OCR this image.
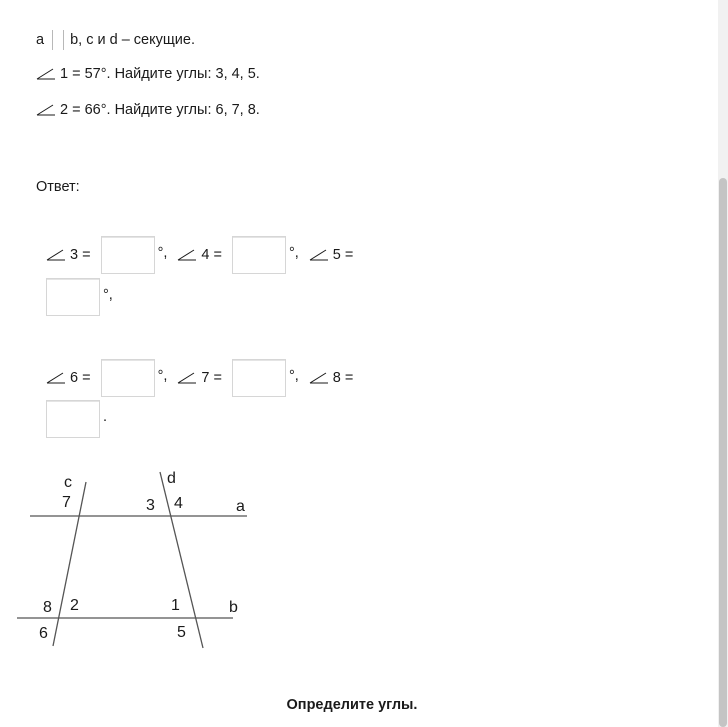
a b, c и d – секущие.
1 = 57°. Найдите углы: 3, 4, 5.
2 = 66°. Найдите углы: 6, 7, 8.
Ответ:
3 =	°, 4 =	°, 5 =
°,
6 =	°, 7 =	°, 8 =
.
c	d
a
b
7	3 4
8 2	1
6	5
Определите углы.
